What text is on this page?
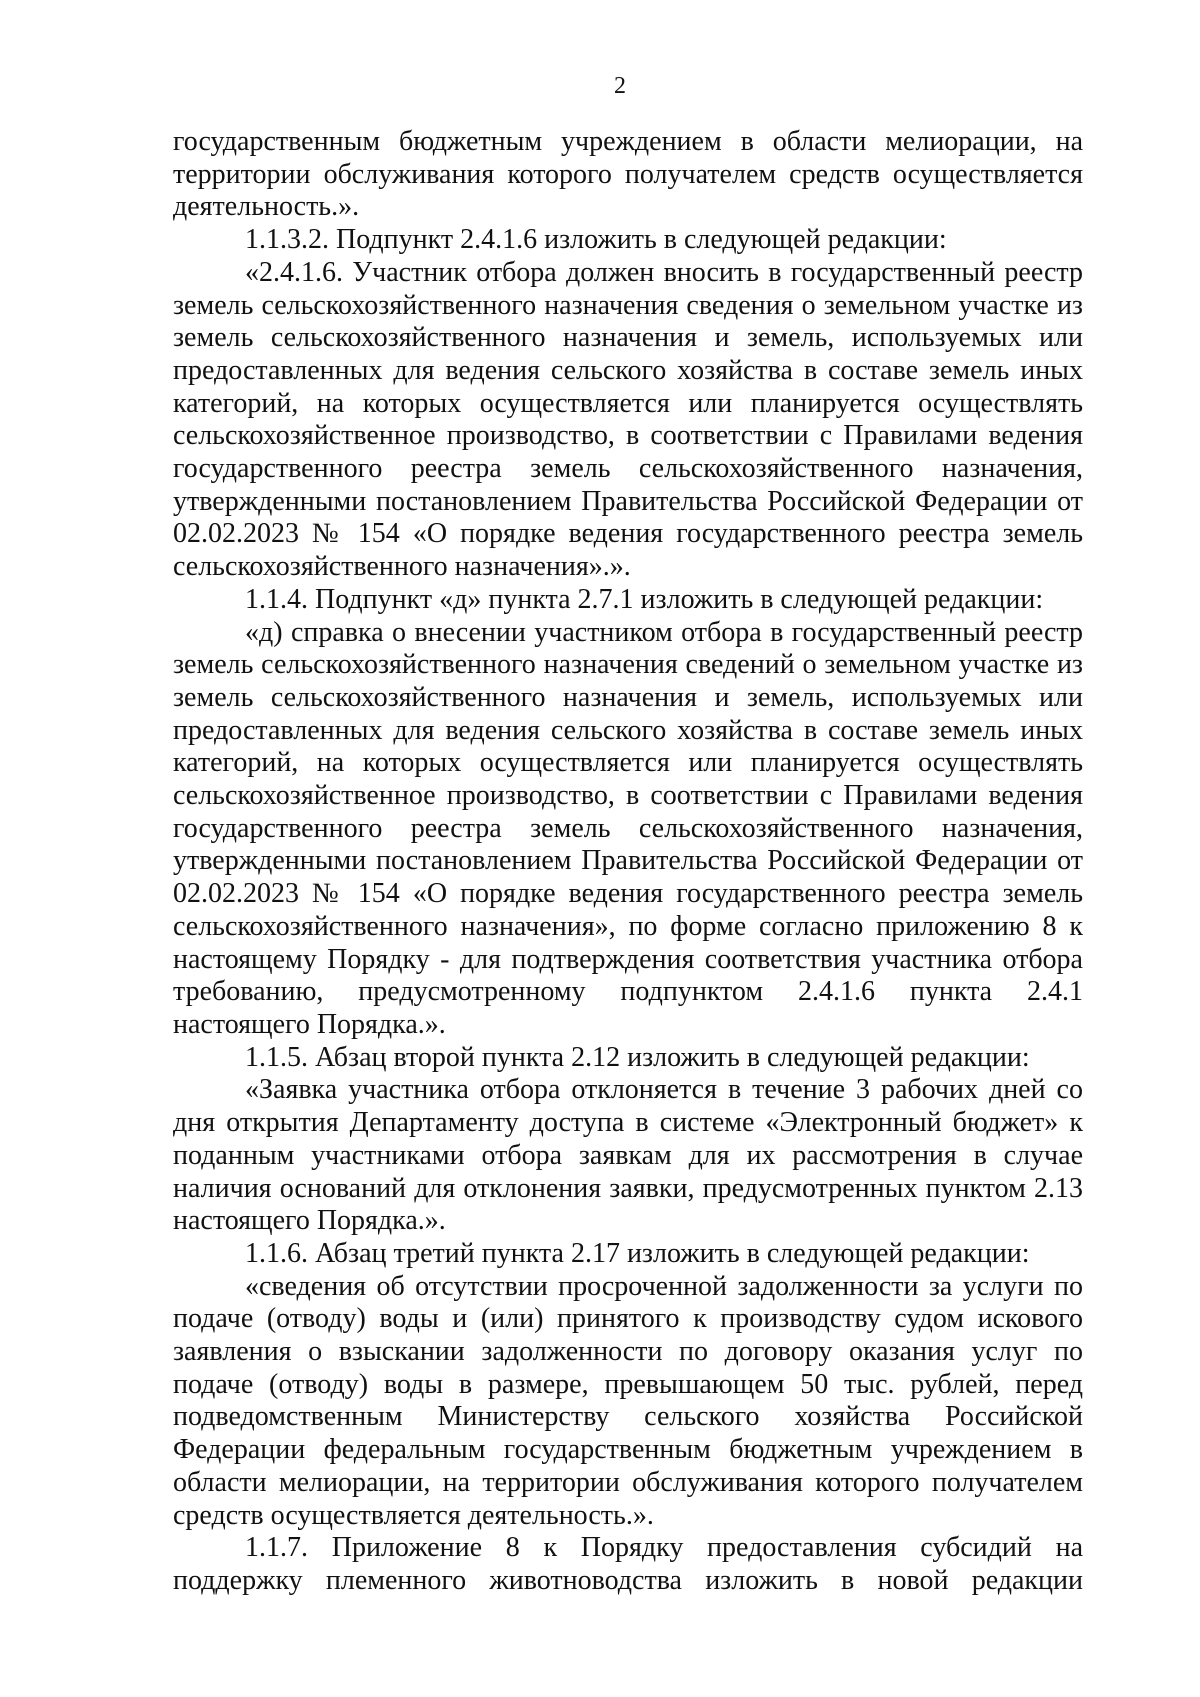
2

государственным бюджетным учреждением в области мелиорации, на территории обслуживания которого получателем средств осуществляется деятельность.».

1.1.3.2. Подпункт 2.4.1.6 изложить в следующей редакции:

«2.4.1.6. Участник отбора должен вносить в государственный реестр земель сельскохозяйственного назначения сведения о земельном участке из земель сельскохозяйственного назначения и земель, используемых или предоставленных для ведения сельского хозяйства в составе земель иных категорий, на которых осуществляется или планируется осуществлять сельскохозяйственное производство, в соответствии с Правилами ведения государственного реестра земель сельскохозяйственного назначения, утвержденными постановлением Правительства Российской Федерации от 02.02.2023 № 154 «О порядке ведения государственного реестра земель сельскохозяйственного назначения».».

1.1.4. Подпункт «д» пункта 2.7.1 изложить в следующей редакции:

«д) справка о внесении участником отбора в государственный реестр земель сельскохозяйственного назначения сведений о земельном участке из земель сельскохозяйственного назначения и земель, используемых или предоставленных для ведения сельского хозяйства в составе земель иных категорий, на которых осуществляется или планируется осуществлять сельскохозяйственное производство, в соответствии с Правилами ведения государственного реестра земель сельскохозяйственного назначения, утвержденными постановлением Правительства Российской Федерации от 02.02.2023 № 154 «О порядке ведения государственного реестра земель сельскохозяйственного назначения», по форме согласно приложению 8 к настоящему Порядку - для подтверждения соответствия участника отбора требованию, предусмотренному подпунктом 2.4.1.6 пункта 2.4.1 настоящего Порядка.».

1.1.5. Абзац второй пункта 2.12 изложить в следующей редакции:

«Заявка участника отбора отклоняется в течение 3 рабочих дней со дня открытия Департаменту доступа в системе «Электронный бюджет» к поданным участниками отбора заявкам для их рассмотрения в случае наличия оснований для отклонения заявки, предусмотренных пунктом 2.13 настоящего Порядка.».

1.1.6. Абзац третий пункта 2.17 изложить в следующей редакции:

«сведения об отсутствии просроченной задолженности за услуги по подаче (отводу) воды и (или) принятого к производству судом искового заявления о взыскании задолженности по договору оказания услуг по подаче (отводу) воды в размере, превышающем 50 тыс. рублей, перед подведомственным Министерству сельского хозяйства Российской Федерации федеральным государственным бюджетным учреждением в области мелиорации, на территории обслуживания которого получателем средств осуществляется деятельность.».

1.1.7. Приложение 8 к Порядку предоставления субсидий на поддержку племенного животноводства изложить в новой редакции
